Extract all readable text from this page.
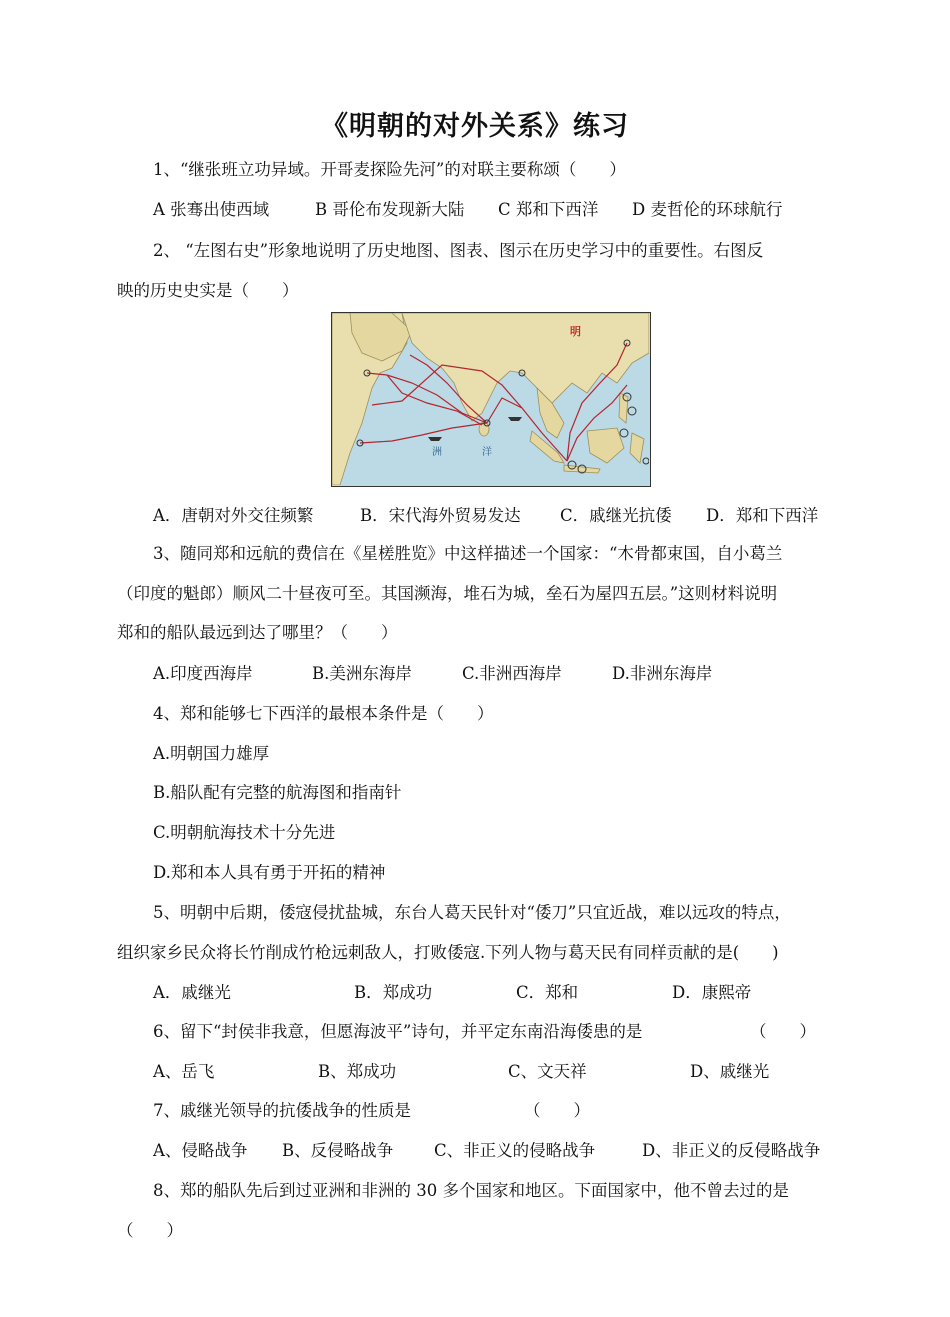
《明朝的对外关系》练习
1、“继张班立功异域。开哥麦探险先河”的对联主要称颂（　　）
A 张骞出使西域	B 哥伦布发现新大陆 C 郑和下西洋 D 麦哲伦的环球航行
2、 “左图右史”形象地说明了历史地图、图表、图示在历史学习中的重要性。右图反
映的历史史实是（　　）
明
洲	洋
A．唐朝对外交往频繁	B．宋代海外贸易发达 C．戚继光抗倭 D．郑和下西洋
3、随同郑和远航的费信在《星槎胜览》中这样描述一个国家：“木骨都束国，自小葛兰
（印度的魁郎）顺风二十昼夜可至。其国濒海，堆石为城，垒石为屋四五层。”这则材料说明
郑和的船队最远到达了哪里？（　　）
A.印度西海岸	B.美洲东海岸	C.非洲西海岸	D.非洲东海岸
4、郑和能够七下西洋的最根本条件是（　　）
A.明朝国力雄厚
B.船队配有完整的航海图和指南针
C.明朝航海技术十分先进
D.郑和本人具有勇于开拓的精神
5、明朝中后期，倭寇侵扰盐城，东台人葛天民针对“倭刀”只宜近战，难以远攻的特点，
组织家乡民众将长竹削成竹枪远刺敌人，打败倭寇.下列人物与葛天民有同样贡献的是(　　)
A．戚继光	B．郑成功	C．郑和	D．康熙帝
6、留下“封侯非我意，但愿海波平”诗句，并平定东南沿海倭患的是	（　　）
A、岳飞	B、郑成功	C、文天祥	D、戚继光
7、戚继光领导的抗倭战争的性质是	（　　）
A、侵略战争 B、反侵略战争 C、非正义的侵略战争	D、非正义的反侵略战争
8、郑的船队先后到过亚洲和非洲的 30 多个国家和地区。下面国家中，他不曾去过的是
（　　）
